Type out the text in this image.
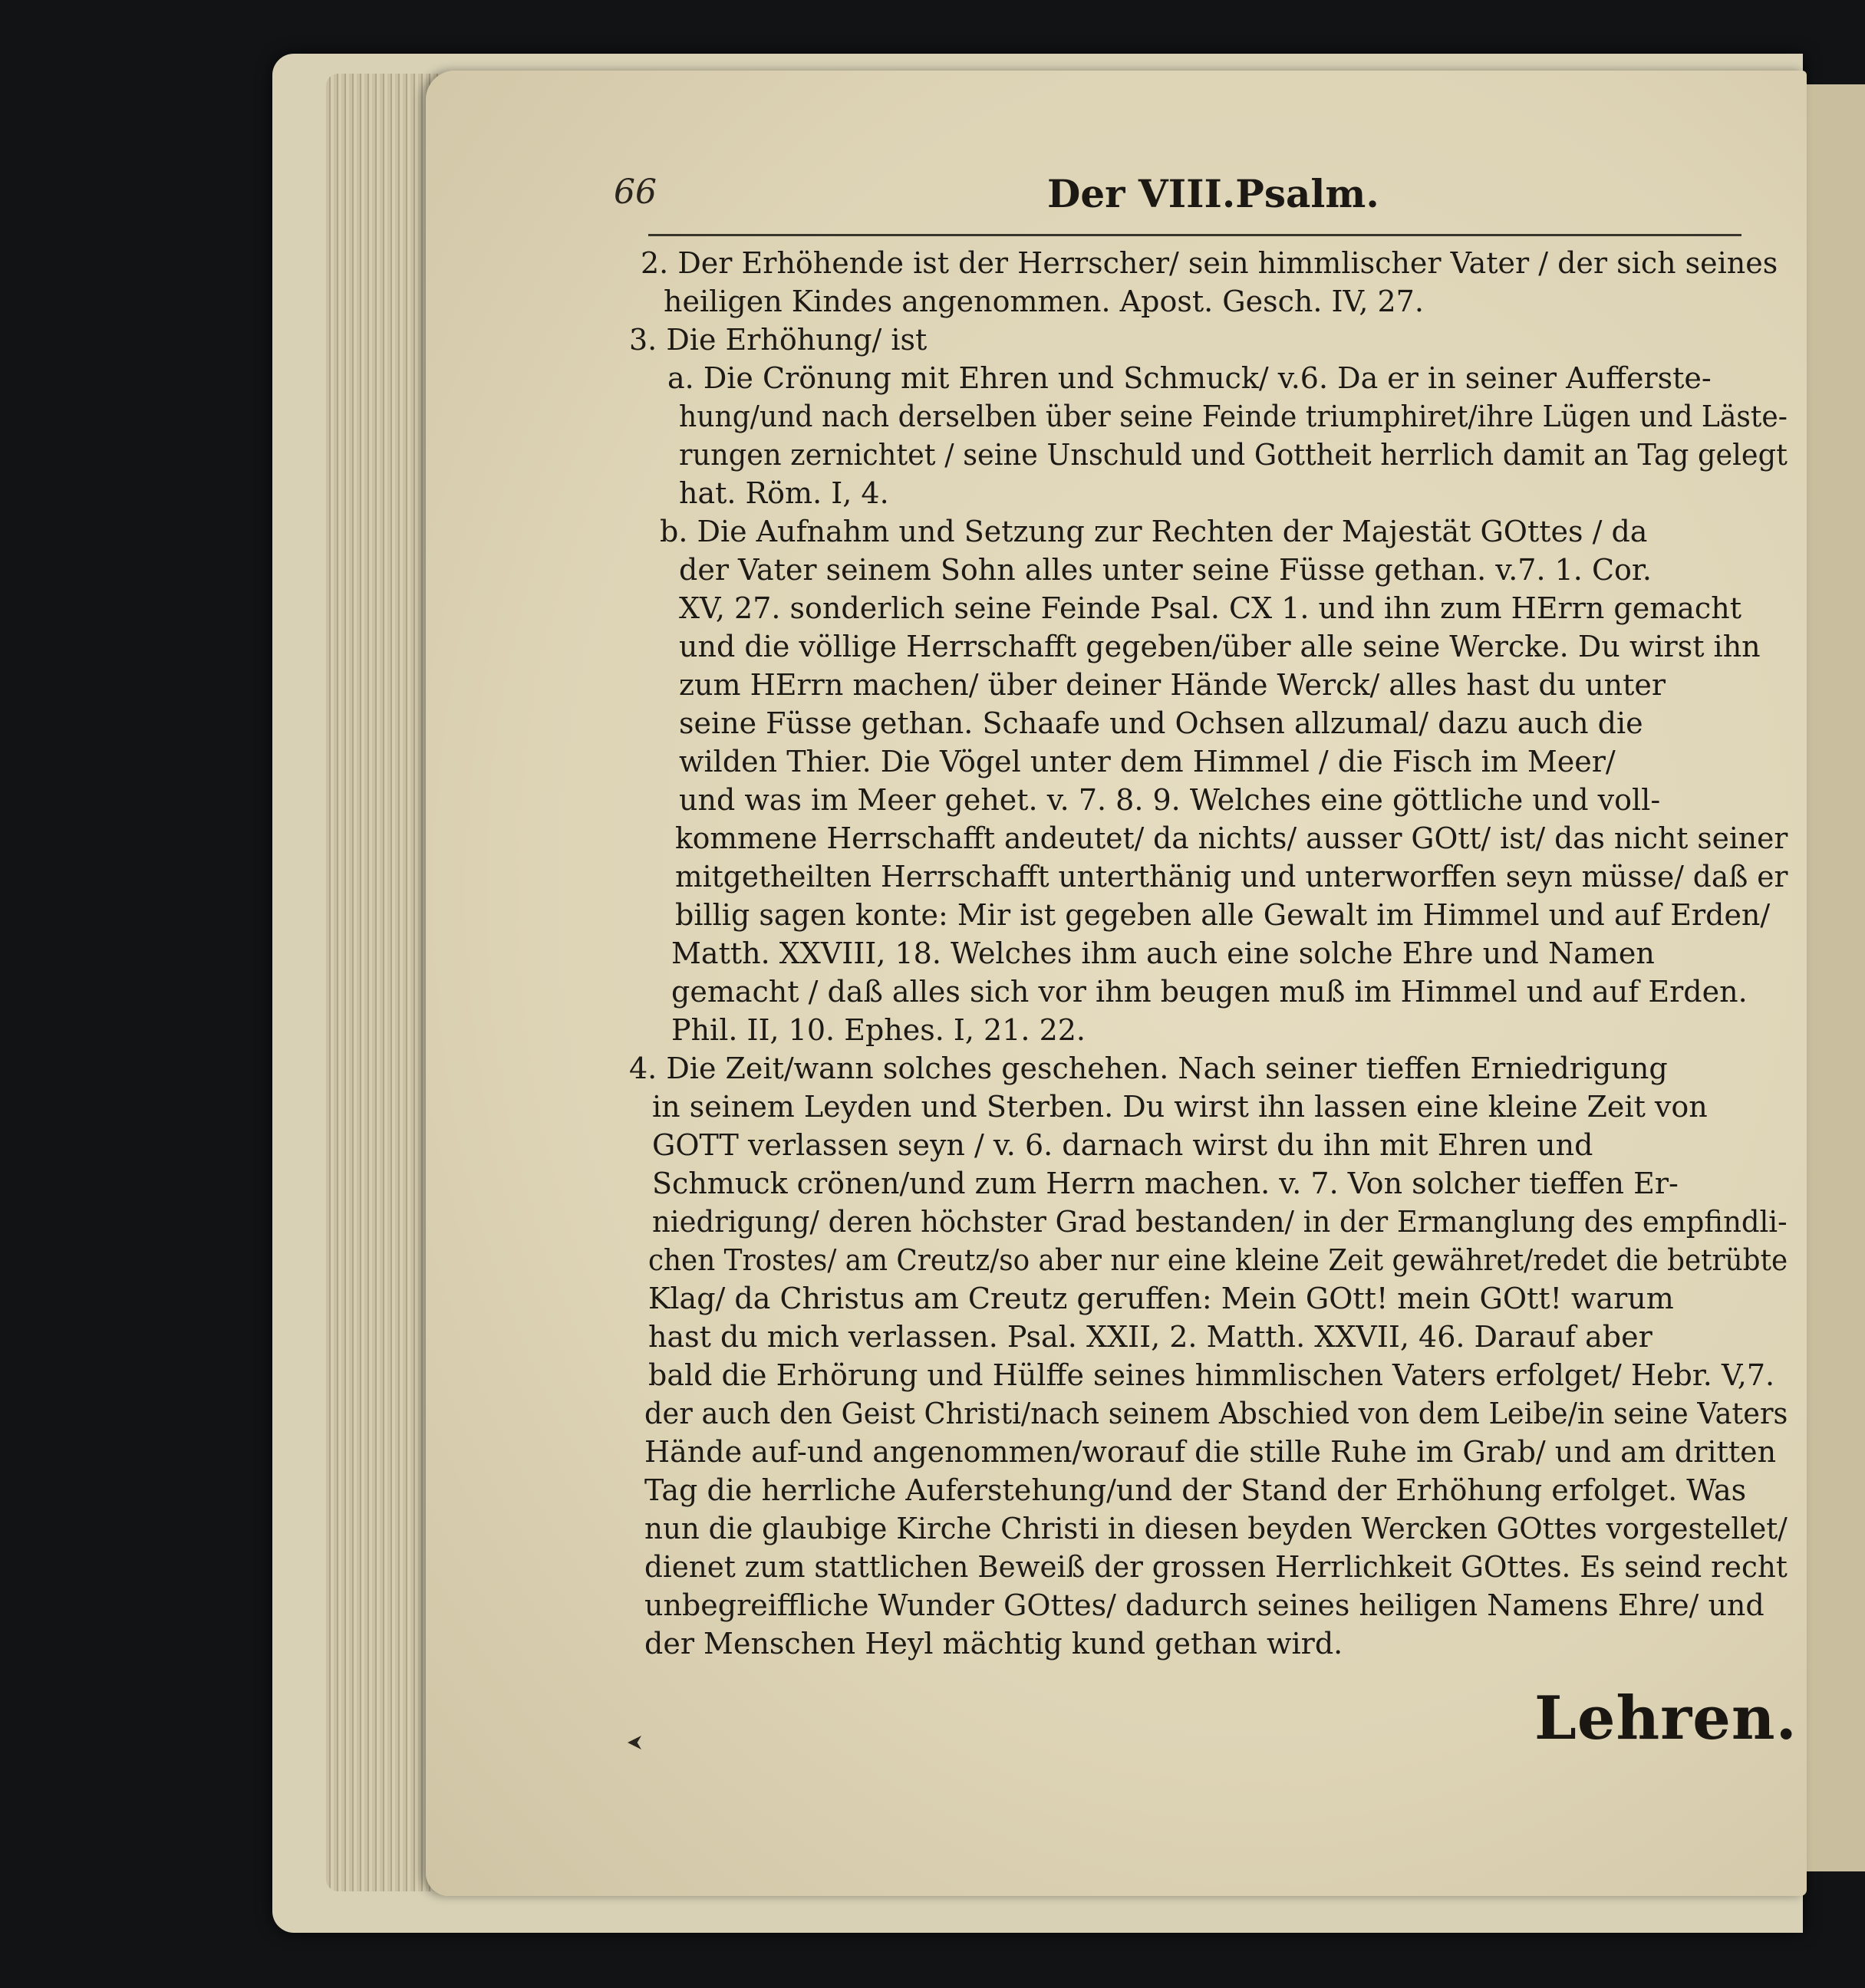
66	Der VIII.Psalm.
2. Der Erhöhende ist der Herrscher/ sein himmlischer Vater / der sich seines
heiligen Kindes angenommen. Apost. Gesch. IV, 27.
3. Die Erhöhung/ ist
a. Die Crönung mit Ehren und Schmuck/ v.6. Da er in seiner Aufferste-
hung/und nach derselben über seine Feinde triumphiret/ihre Lügen und Läste-
rungen zernichtet / seine Unschuld und Gottheit herrlich damit an Tag gelegt
hat. Röm. I, 4.
b. Die Aufnahm und Setzung zur Rechten der Majestät GOttes / da
der Vater seinem Sohn alles unter seine Füsse gethan. v.7. 1. Cor.
XV, 27. sonderlich seine Feinde Psal. CX 1. und ihn zum HErrn gemacht
und die völlige Herrschafft gegeben/über alle seine Wercke. Du wirst ihn
zum HErrn machen/ über deiner Hände Werck/ alles hast du unter
seine Füsse gethan. Schaafe und Ochsen allzumal/ dazu auch die
wilden Thier. Die Vögel unter dem Himmel / die Fisch im Meer/
und was im Meer gehet. v. 7. 8. 9. Welches eine göttliche und voll-
kommene Herrschafft andeutet/ da nichts/ ausser GOtt/ ist/ das nicht seiner
mitgetheilten Herrschafft unterthänig und unterworffen seyn müsse/ daß er
billig sagen konte: Mir ist gegeben alle Gewalt im Himmel und auf Erden/
Matth. XXVIII, 18. Welches ihm auch eine solche Ehre und Namen
gemacht / daß alles sich vor ihm beugen muß im Himmel und auf Erden.
Phil. II, 10. Ephes. I, 21. 22.
4. Die Zeit/wann solches geschehen. Nach seiner tieffen Erniedrigung
in seinem Leyden und Sterben. Du wirst ihn lassen eine kleine Zeit von
GOTT verlassen seyn / v. 6. darnach wirst du ihn mit Ehren und
Schmuck crönen/und zum Herrn machen. v. 7. Von solcher tieffen Er-
niedrigung/ deren höchster Grad bestanden/ in der Ermanglung des empfindli-
chen Trostes/ am Creutz/so aber nur eine kleine Zeit gewähret/redet die betrübte
Klag/ da Christus am Creutz geruffen: Mein GOtt! mein GOtt! warum
hast du mich verlassen. Psal. XXII, 2. Matth. XXVII, 46. Darauf aber
bald die Erhörung und Hülffe seines himmlischen Vaters erfolget/ Hebr. V,7.
der auch den Geist Christi/nach seinem Abschied von dem Leibe/in seine Vaters
Hände auf-und angenommen/worauf die stille Ruhe im Grab/ und am dritten
Tag die herrliche Auferstehung/und der Stand der Erhöhung erfolget. Was
nun die glaubige Kirche Christi in diesen beyden Wercken GOttes vorgestellet/
dienet zum stattlichen Beweiß der grossen Herrlichkeit GOttes. Es seind recht
unbegreiffliche Wunder GOttes/ dadurch seines heiligen Namens Ehre/ und
der Menschen Heyl mächtig kund gethan wird.
Lehren.
